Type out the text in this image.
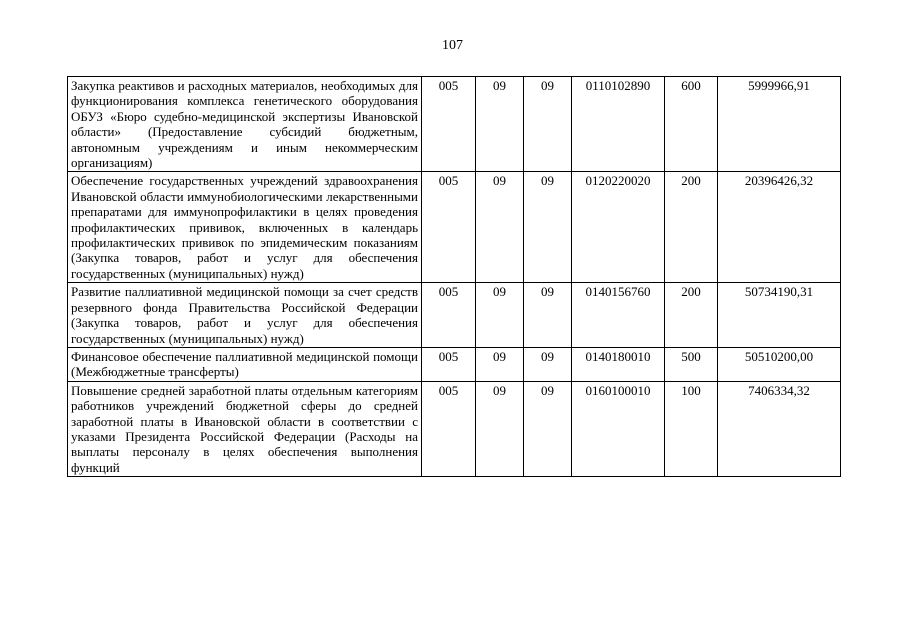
107
Закупка реактивов и расходных материалов, необходимых для функционирования комплекса генетического оборудования ОБУЗ «Бюро судебно-медицинской экспертизы Ивановской области» (Предоставление субсидий бюджетным, автономным учреждениям и иным некоммерческим организациям)	005	09	09	0110102890	600	5999966,91
Обеспечение государственных учреждений здравоохранения Ивановской области иммунобиологическими лекарственными препаратами для иммунопрофилактики в целях проведения профилактических прививок, включенных в календарь профилактических прививок по эпидемическим показаниям (Закупка товаров, работ и услуг для обеспечения государственных (муниципальных) нужд)	005	09	09	0120220020	200	20396426,32
Развитие паллиативной медицинской помощи за счет средств резервного фонда Правительства Российской Федерации (Закупка товаров, работ и услуг для обеспечения государственных (муниципальных) нужд)	005	09	09	0140156760	200	50734190,31
Финансовое обеспечение паллиативной медицинской помощи (Межбюджетные трансферты)	005	09	09	0140180010	500	50510200,00
Повышение средней заработной платы отдельным категориям работников учреждений бюджетной сферы до средней заработной платы в Ивановской области в соответствии с указами Президента Российской Федерации (Расходы на выплаты персоналу в целях обеспечения выполнения функций	005	09	09	0160100010	100	7406334,32
